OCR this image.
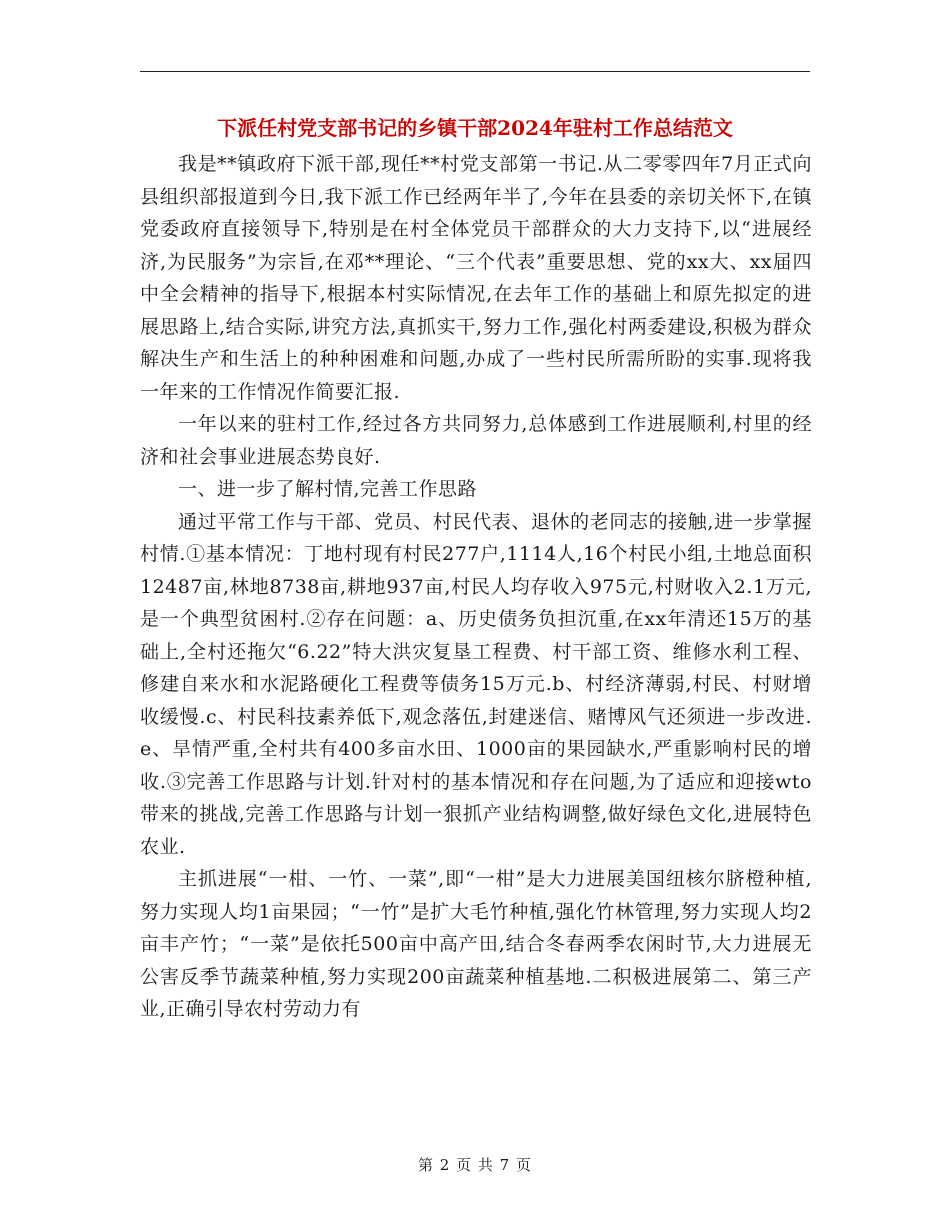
下派任村党支部书记的乡镇干部2024年驻村工作总结范文

我是**镇政府下派干部,现任**村党支部第一书记.从二零零四年7月正式向县组织部报道到今日,我下派工作已经两年半了,今年在县委的亲切关怀下,在镇党委政府直接领导下,特别是在村全体党员干部群众的大力支持下,以“进展经济,为民服务”为宗旨,在邓**理论、“三个代表”重要思想、党的xx大、xx届四中全会精神的指导下,根据本村实际情况,在去年工作的基础上和原先拟定的进展思路上,结合实际,讲究方法,真抓实干,努力工作,强化村两委建设,积极为群众解决生产和生活上的种种困难和问题,办成了一些村民所需所盼的实事.现将我一年来的工作情况作简要汇报.

一年以来的驻村工作,经过各方共同努力,总体感到工作进展顺利,村里的经济和社会事业进展态势良好.

一、进一步了解村情,完善工作思路

通过平常工作与干部、党员、村民代表、退休的老同志的接触,进一步掌握村情.①基本情况：丁地村现有村民277户,1114人,16个村民小组,土地总面积12487亩,林地8738亩,耕地937亩,村民人均存收入975元,村财收入2.1万元,是一个典型贫困村.②存在问题：a、历史债务负担沉重,在xx年清还15万的基础上,全村还拖欠“6.22”特大洪灾复垦工程费、村干部工资、维修水利工程、修建自来水和水泥路硬化工程费等债务15万元.b、村经济薄弱,村民、村财增收缓慢.c、村民科技素养低下,观念落伍,封建迷信、赌博风气还须进一步改进.e、旱情严重,全村共有400多亩水田、1000亩的果园缺水,严重影响村民的增收.③完善工作思路与计划.针对村的基本情况和存在问题,为了适应和迎接wto带来的挑战,完善工作思路与计划一狠抓产业结构调整,做好绿色文化,进展特色农业.

主抓进展“一柑、一竹、一菜”,即“一柑”是大力进展美国纽核尔脐橙种植,努力实现人均1亩果园；“一竹”是扩大毛竹种植,强化竹林管理,努力实现人均2亩丰产竹；“一菜”是依托500亩中高产田,结合冬春两季农闲时节,大力进展无公害反季节蔬菜种植,努力实现200亩蔬菜种植基地.二积极进展第二、第三产业,正确引导农村劳动力有

第 2 页 共 7 页
